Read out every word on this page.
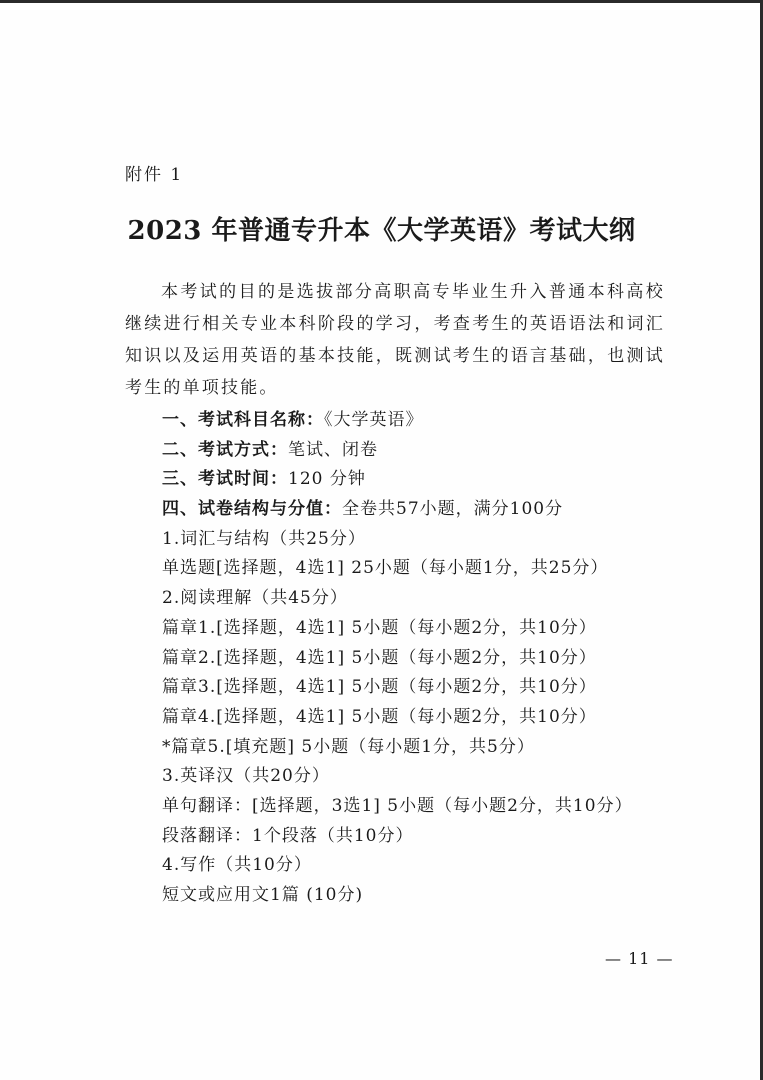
附件 1
2023 年普通专升本《大学英语》考试大纲
本考试的目的是选拔部分高职高专毕业生升入普通本科高校继续进行相关专业本科阶段的学习，考查考生的英语语法和词汇知识以及运用英语的基本技能，既测试考生的语言基础，也测试考生的单项技能。
一、考试科目名称：《大学英语》
二、考试方式：笔试、闭卷
三、考试时间：120 分钟
四、试卷结构与分值：全卷共57小题，满分100分
1.词汇与结构（共25分）
单选题[选择题，4选1] 25小题（每小题1分，共25分）
2.阅读理解（共45分）
篇章1.[选择题，4选1] 5小题（每小题2分，共10分）
篇章2.[选择题，4选1] 5小题（每小题2分，共10分）
篇章3.[选择题，4选1] 5小题（每小题2分，共10分）
篇章4.[选择题，4选1] 5小题（每小题2分，共10分）
*篇章5.[填充题] 5小题（每小题1分，共5分）
3.英译汉（共20分）
单句翻译：[选择题，3选1] 5小题（每小题2分，共10分）
段落翻译：1个段落（共10分）
4.写作（共10分）
短文或应用文1篇 (10分)
— 11 —
